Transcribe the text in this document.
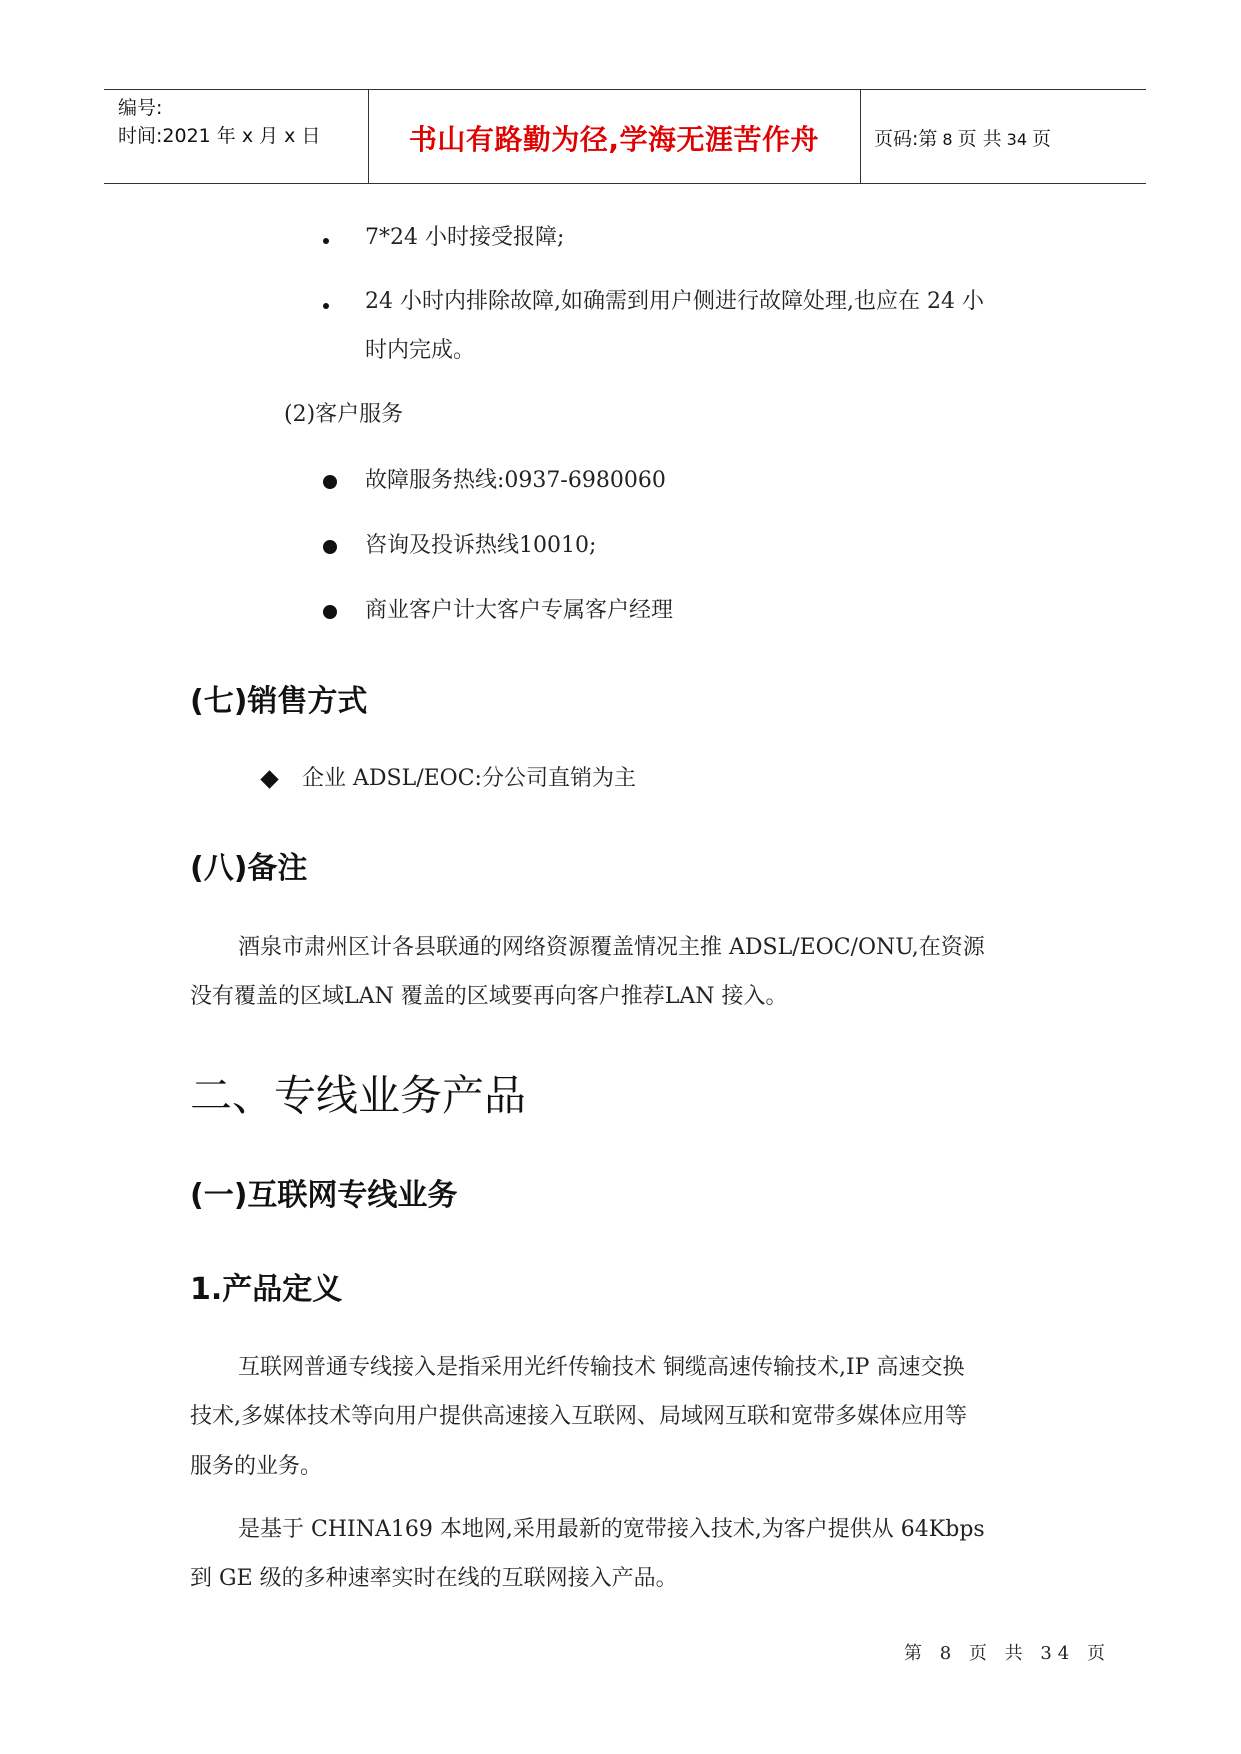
编号:
时间:2021 年 x 月 x 日	书山有路勤为径,学海无涯苦作舟	页码:第 8 页 共 34 页
7*24 小时接受报障;
24 小时内排除故障,如确需到用户侧进行故障处理,也应在 24 小
时内完成。
(2)客户服务
故障服务热线:0937-6980060
咨询及投诉热线10010;
商业客户计大客户专属客户经理
(七)销售方式
企业 ADSL/EOC:分公司直销为主
(八)备注
酒泉市肃州区计各县联通的网络资源覆盖情况主推 ADSL/EOC/ONU,在资源
没有覆盖的区域LAN 覆盖的区域要再向客户推荐LAN 接入。
二、专线业务产品
(一)互联网专线业务
1.产品定义
互联网普通专线接入是指采用光纤传输技术 铜缆高速传输技术,IP 高速交换
技术,多媒体技术等向用户提供高速接入互联网、局域网互联和宽带多媒体应用等
服务的业务。
是基于 CHINA169 本地网,采用最新的宽带接入技术,为客户提供从 64Kbps
到 GE 级的多种速率实时在线的互联网接入产品。
第 8 页 共 34 页
